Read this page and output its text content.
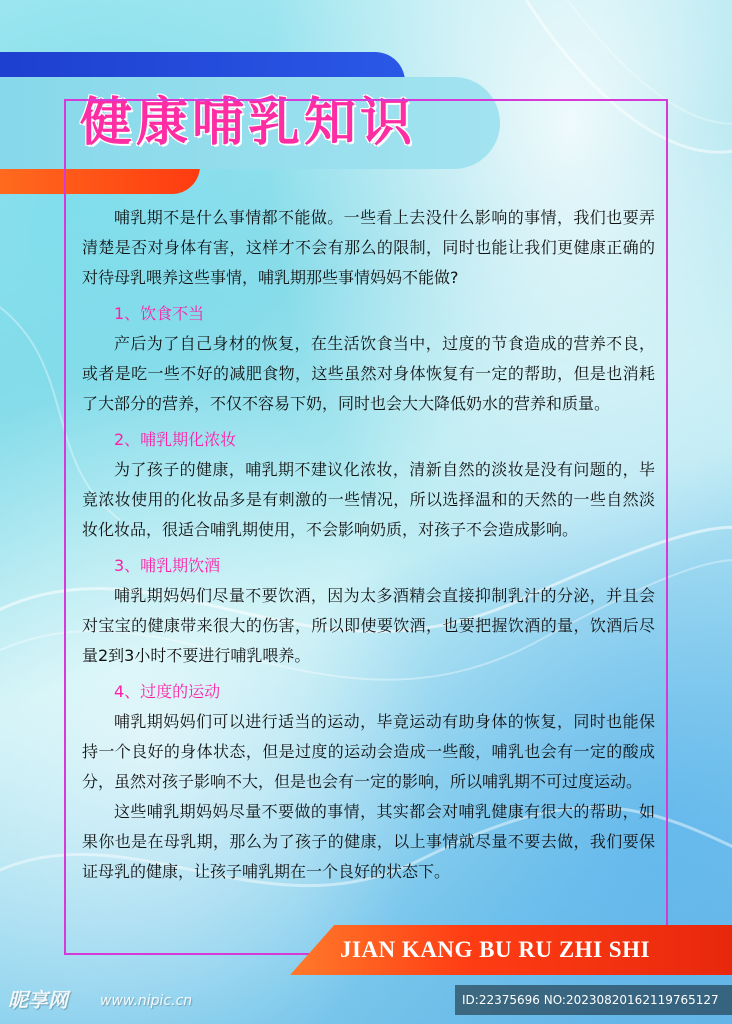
健康哺乳知识

哺乳期不是什么事情都不能做。一些看上去没什么影响的事情，我们也要弄清楚是否对身体有害，这样才不会有那么的限制，同时也能让我们更健康正确的对待母乳喂养这些事情，哺乳期那些事情妈妈不能做?

1、饮食不当

产后为了自己身材的恢复，在生活饮食当中，过度的节食造成的营养不良，或者是吃一些不好的减肥食物，这些虽然对身体恢复有一定的帮助，但是也消耗了大部分的营养，不仅不容易下奶，同时也会大大降低奶水的营养和质量。

2、哺乳期化浓妆

为了孩子的健康，哺乳期不建议化浓妆，清新自然的淡妆是没有问题的，毕竟浓妆使用的化妆品多是有刺激的一些情况，所以选择温和的天然的一些自然淡妆化妆品，很适合哺乳期使用，不会影响奶质，对孩子不会造成影响。

3、哺乳期饮酒

哺乳期妈妈们尽量不要饮酒，因为太多酒精会直接抑制乳汁的分泌，并且会对宝宝的健康带来很大的伤害，所以即使要饮酒，也要把握饮酒的量，饮酒后尽量2到3小时不要进行哺乳喂养。

4、过度的运动

哺乳期妈妈们可以进行适当的运动，毕竟运动有助身体的恢复，同时也能保持一个良好的身体状态，但是过度的运动会造成一些酸，哺乳也会有一定的酸成分，虽然对孩子影响不大，但是也会有一定的影响，所以哺乳期不可过度运动。

这些哺乳期妈妈尽量不要做的事情，其实都会对哺乳健康有很大的帮助，如果你也是在母乳期，那么为了孩子的健康，以上事情就尽量不要去做，我们要保证母乳的健康，让孩子哺乳期在一个良好的状态下。

JIAN KANG BU RU ZHI SHI
昵享网 www.nipic.cn	ID:22375696 NO:20230820162119765127
